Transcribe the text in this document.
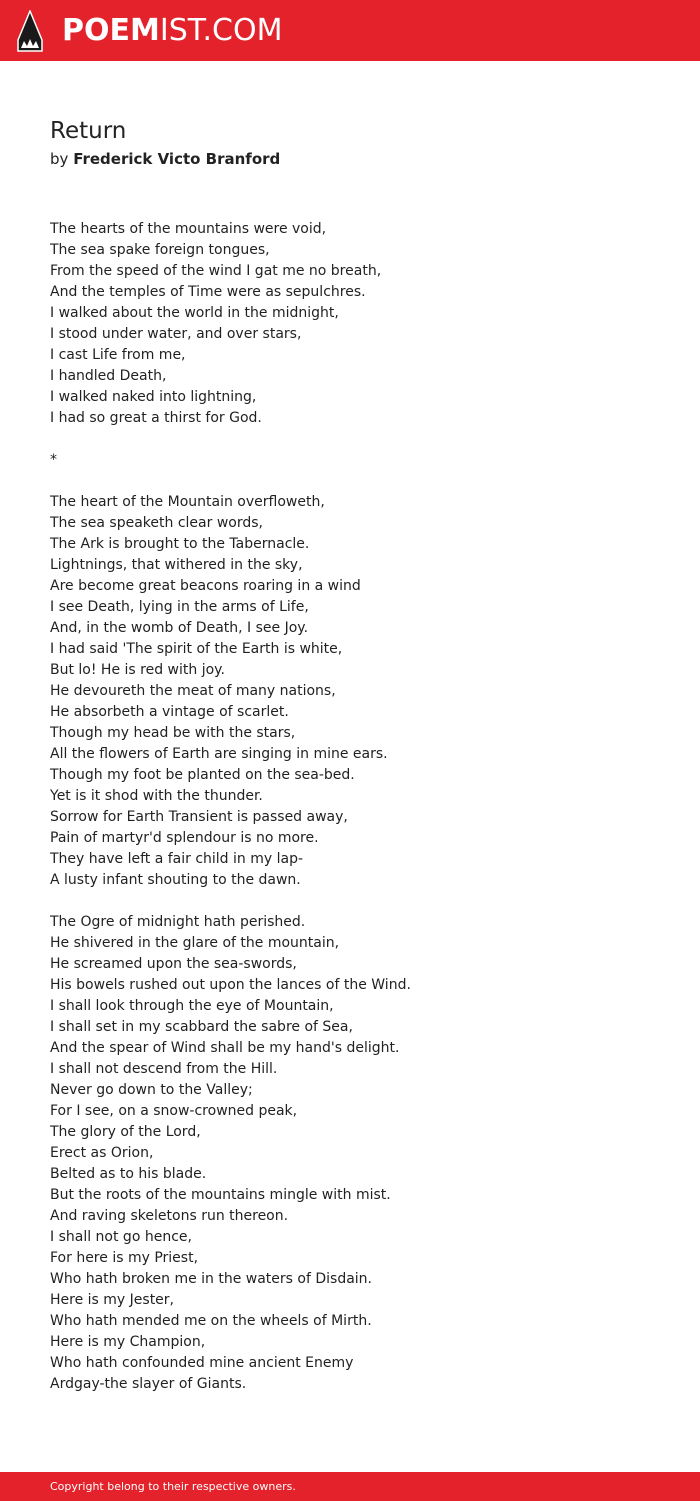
POEMIST.COM
Return
by Frederick Victo Branford
The hearts of the mountains were void,
The sea spake foreign tongues,
From the speed of the wind I gat me no breath,
And the temples of Time were as sepulchres.
I walked about the world in the midnight,
I stood under water, and over stars,
I cast Life from me,
I handled Death,
I walked naked into lightning,
I had so great a thirst for God.
*
The heart of the Mountain overfloweth,
The sea speaketh clear words,
The Ark is brought to the Tabernacle.
Lightnings, that withered in the sky,
Are become great beacons roaring in a wind
I see Death, lying in the arms of Life,
And, in the womb of Death, I see Joy.
I had said 'The spirit of the Earth is white,
But lo! He is red with joy.
He devoureth the meat of many nations,
He absorbeth a vintage of scarlet.
Though my head be with the stars,
All the flowers of Earth are singing in mine ears.
Though my foot be planted on the sea-bed.
Yet is it shod with the thunder.
Sorrow for Earth Transient is passed away,
Pain of martyr'd splendour is no more.
They have left a fair child in my lap-
A lusty infant shouting to the dawn.
The Ogre of midnight hath perished.
He shivered in the glare of the mountain,
He screamed upon the sea-swords,
His bowels rushed out upon the lances of the Wind.
I shall look through the eye of Mountain,
I shall set in my scabbard the sabre of Sea,
And the spear of Wind shall be my hand's delight.
I shall not descend from the Hill.
Never go down to the Valley;
For I see, on a snow-crowned peak,
The glory of the Lord,
Erect as Orion,
Belted as to his blade.
But the roots of the mountains mingle with mist.
And raving skeletons run thereon.
I shall not go hence,
For here is my Priest,
Who hath broken me in the waters of Disdain.
Here is my Jester,
Who hath mended me on the wheels of Mirth.
Here is my Champion,
Who hath confounded mine ancient Enemy
Ardgay-the slayer of Giants.
Copyright belong to their respective owners.
